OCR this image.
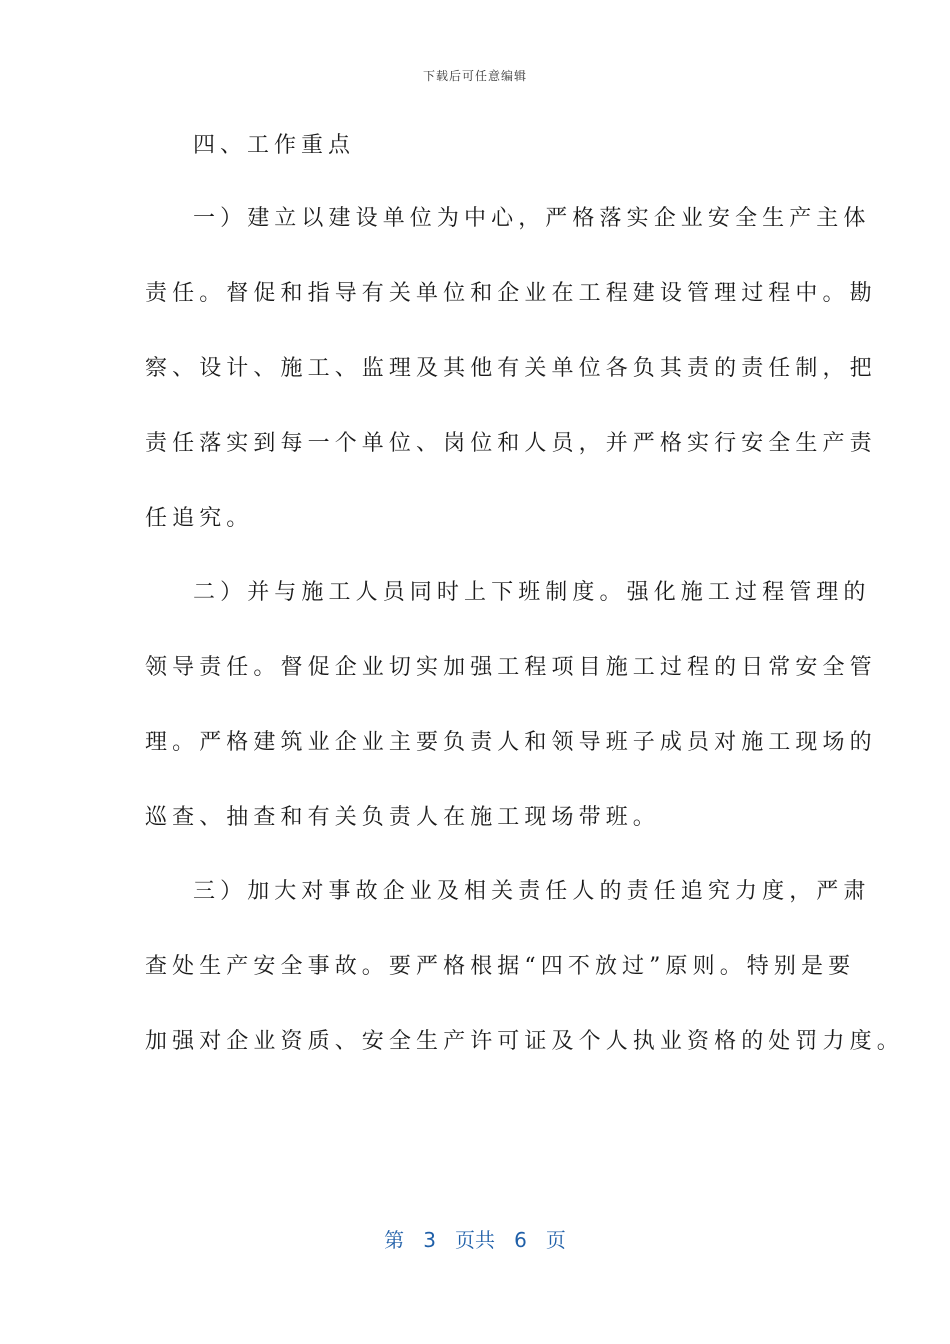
下载后可任意编辑
四、工作重点
一）建立以建设单位为中心，严格落实企业安全生产主体
责任。督促和指导有关单位和企业在工程建设管理过程中。勘
察、设计、施工、监理及其他有关单位各负其责的责任制，把
责任落实到每一个单位、岗位和人员，并严格实行安全生产责
任追究。
二）并与施工人员同时上下班制度。强化施工过程管理的
领导责任。督促企业切实加强工程项目施工过程的日常安全管
理。严格建筑业企业主要负责人和领导班子成员对施工现场的
巡查、抽查和有关负责人在施工现场带班。
三）加大对事故企业及相关责任人的责任追究力度，严肃
查处生产安全事故。要严格根据“四不放过”原则。特别是要
加强对企业资质、安全生产许可证及个人执业资格的处罚力度。
第 3 页共 6 页
